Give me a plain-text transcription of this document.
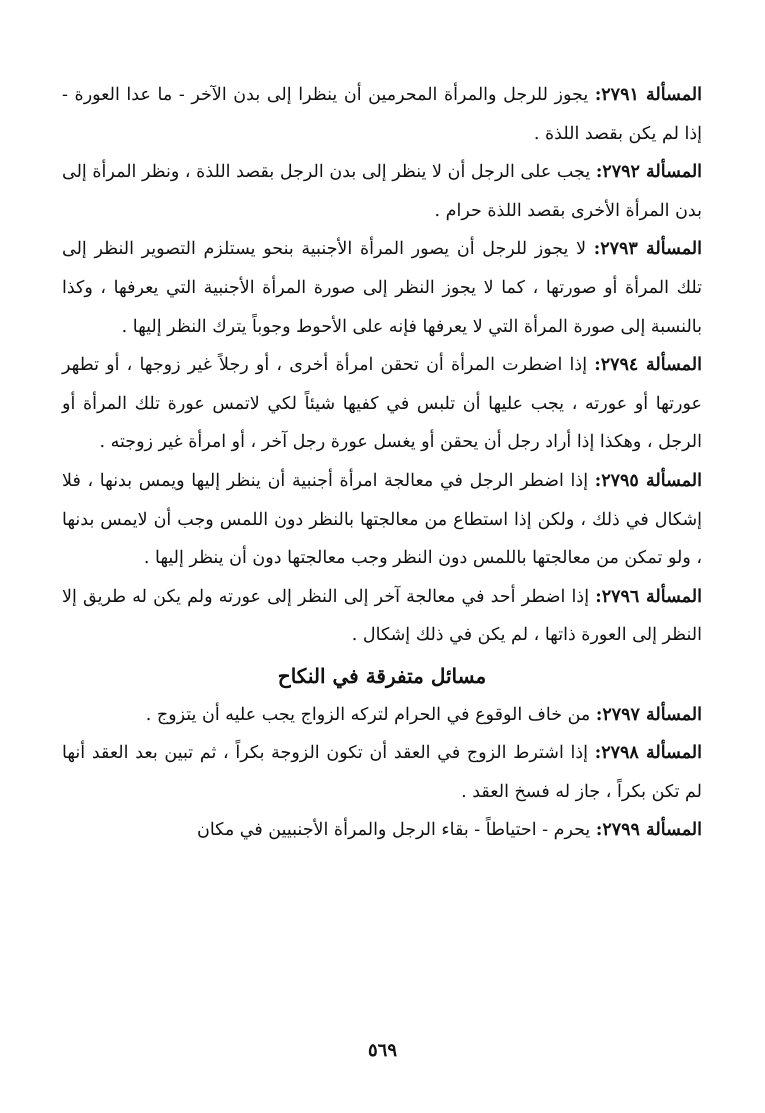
المسألة ٢٧٩١: يجوز للرجل والمرأة المحرمين أن ينظرا إلى بدن الآخر - ما عدا العورة - إذا لم يكن بقصد اللذة .

المسألة ٢٧٩٢: يجب على الرجل أن لا ينظر إلى بدن الرجل بقصد اللذة ، ونظر المرأة إلى بدن المرأة الأخرى بقصد اللذة حرام .

المسألة ٢٧٩٣: لا يجوز للرجل أن يصور المرأة الأجنبية بنحو يستلزم التصوير النظر إلى تلك المرأة أو صورتها ، كما لا يجوز النظر إلى صورة المرأة الأجنبية التي يعرفها ، وكذا بالنسبة إلى صورة المرأة التي لا يعرفها فإنه على الأحوط وجوباً يترك النظر إليها .

المسألة ٢٧٩٤: إذا اضطرت المرأة أن تحقن امرأة أخرى ، أو رجلاً غير زوجها ، أو تطهر عورتها أو عورته ، يجب عليها أن تلبس في كفيها شيئاً لكي لاتمس عورة تلك المرأة أو الرجل ، وهكذا إذا أراد رجل أن يحقن أو يغسل عورة رجل آخر ، أو امرأة غير زوجته .

المسألة ٢٧٩٥: إذا اضطر الرجل في معالجة امرأة أجنبية أن ينظر إليها ويمس بدنها ، فلا إشكال في ذلك ، ولكن إذا استطاع من معالجتها بالنظر دون اللمس وجب أن لايمس بدنها ، ولو تمكن من معالجتها باللمس دون النظر وجب معالجتها دون أن ينظر إليها .

المسألة ٢٧٩٦: إذا اضطر أحد في معالجة آخر إلى النظر إلى عورته ولم يكن له طريق إلا النظر إلى العورة ذاتها ، لم يكن في ذلك إشكال .

مسائل متفرقة في النكاح

المسألة ٢٧٩٧: من خاف الوقوع في الحرام لتركه الزواج يجب عليه أن يتزوج .

المسألة ٢٧٩٨: إذا اشترط الزوج في العقد أن تكون الزوجة بكراً ، ثم تبين بعد العقد أنها لم تكن بكراً ، جاز له فسخ العقد .

المسألة ٢٧٩٩: يحرم - احتياطاً - بقاء الرجل والمرأة الأجنبيين في مكان

٥٦٩
